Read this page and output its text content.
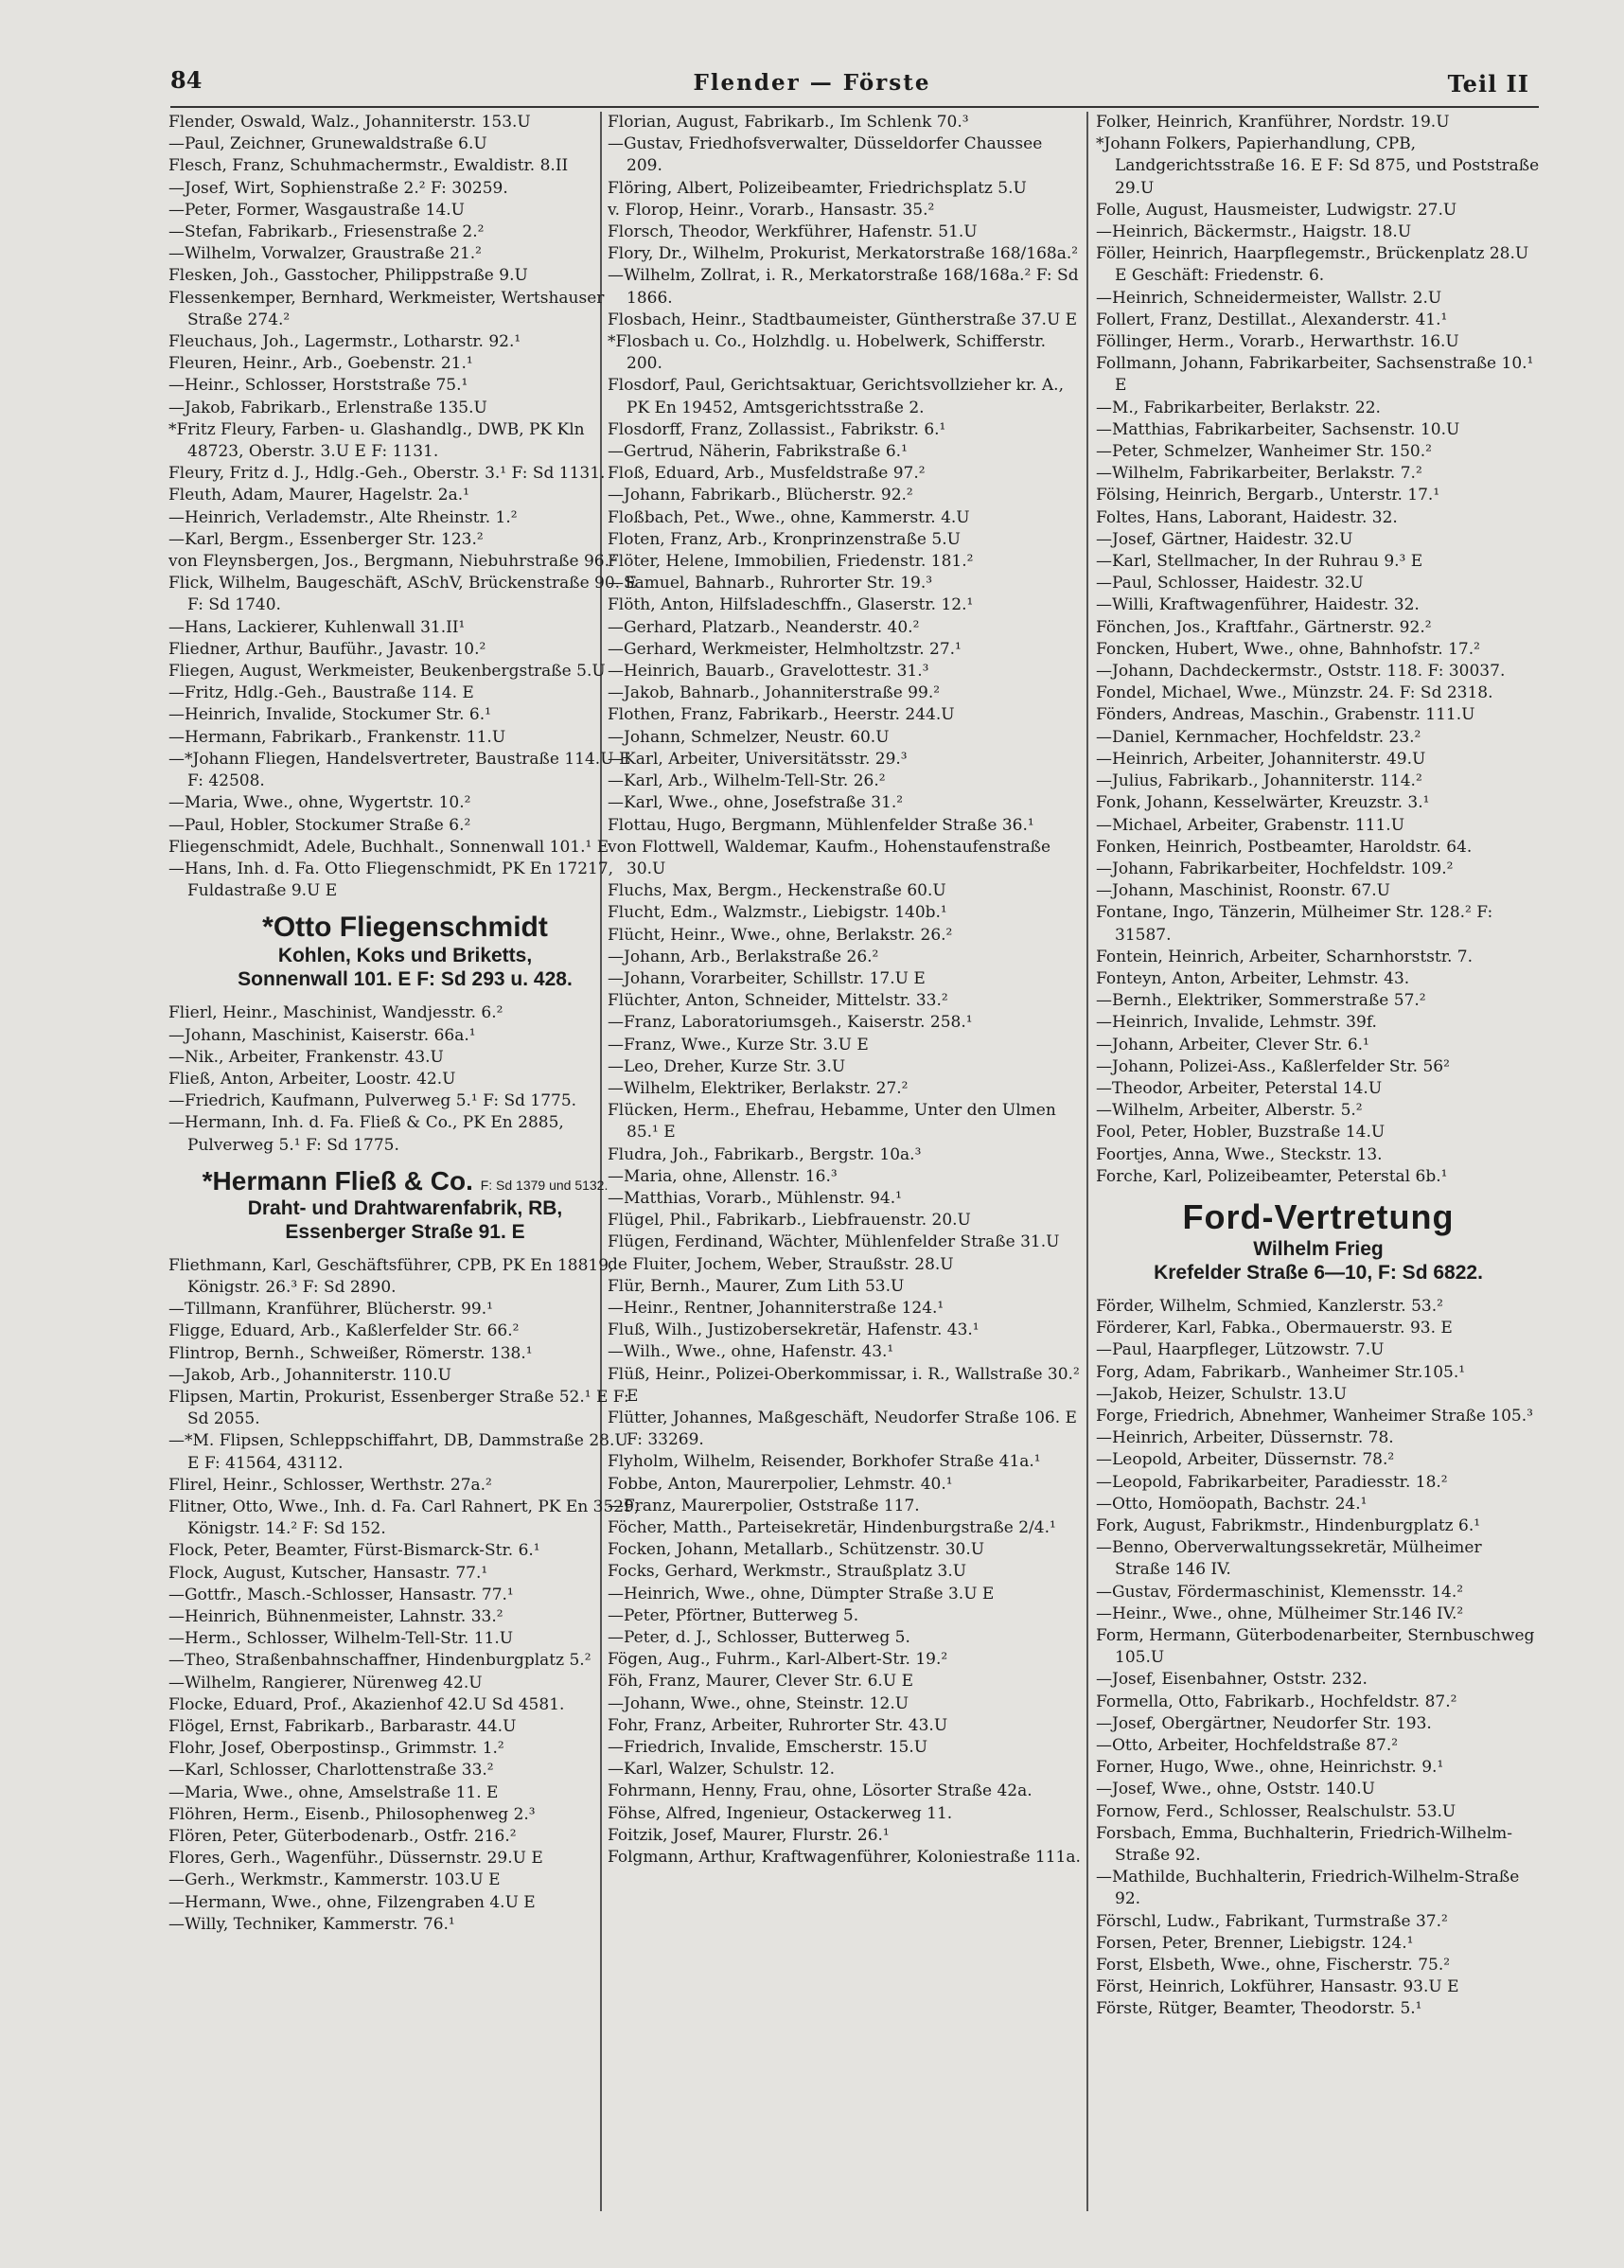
84	Flender — Förste	Teil II
Flender, Oswald, Walz., Johanniterstr. 153.U
—Paul, Zeichner, Grunewaldstraße 6.U
Flesch, Franz, Schuhmachermstr., Ewaldistr. 8.II
—Josef, Wirt, Sophienstraße 2.² F: 30259.
—Peter, Former, Wasgaustraße 14.U
—Stefan, Fabrikarb., Friesenstraße 2.²
—Wilhelm, Vorwalzer, Graustraße 21.²
Flesken, Joh., Gasstocher, Philippstraße 9.U
Flessenkemper, Bernhard, Werkmeister, Wertshauser Straße 274.²
Fleuchaus, Joh., Lagermstr., Lotharstr. 92.¹
Fleuren, Heinr., Arb., Goebenstr. 21.¹
—Heinr., Schlosser, Horststraße 75.¹
—Jakob, Fabrikarb., Erlenstraße 135.U
*Fritz Fleury, Farben- u. Glashandlg., DWB, PK Kln 48723, Oberstr. 3.U E F: 1131.
Fleury, Fritz d. J., Hdlg.-Geh., Oberstr. 3.¹ F: Sd 1131.
Fleuth, Adam, Maurer, Hagelstr. 2a.¹
—Heinrich, Verlademstr., Alte Rheinstr. 1.²
—Karl, Bergm., Essenberger Str. 123.²
von Fleynsbergen, Jos., Bergmann, Niebuhrstraße 96.²
Flick, Wilhelm, Baugeschäft, ASchV, Brückenstraße 90. E F: Sd 1740.
—Hans, Lackierer, Kuhlenwall 31.II¹
Fliedner, Arthur, Bauführ., Javastr. 10.²
Fliegen, August, Werkmeister, Beukenbergstraße 5.U
—Fritz, Hdlg.-Geh., Baustraße 114. E
—Heinrich, Invalide, Stockumer Str. 6.¹
—Hermann, Fabrikarb., Frankenstr. 11.U
—*Johann Fliegen, Handelsvertreter, Baustraße 114.U E F: 42508.
—Maria, Wwe., ohne, Wygertstr. 10.²
—Paul, Hobler, Stockumer Straße 6.²
Fliegenschmidt, Adele, Buchhalt., Sonnenwall 101.¹ E
—Hans, Inh. d. Fa. Otto Fliegenschmidt, PK En 17217, Fuldastraße 9.U E
*Otto Fliegenschmidt
Kohlen, Koks und Briketts,
Sonnenwall 101. E F: Sd 293 u. 428.
Flierl, Heinr., Maschinist, Wandjesstr. 6.²
—Johann, Maschinist, Kaiserstr. 66a.¹
—Nik., Arbeiter, Frankenstr. 43.U
Fließ, Anton, Arbeiter, Loostr. 42.U
—Friedrich, Kaufmann, Pulverweg 5.¹ F: Sd 1775.
—Hermann, Inh. d. Fa. Fließ & Co., PK En 2885, Pulverweg 5.¹ F: Sd 1775.
*Hermann Fließ & Co. F: Sd 1379 und 5132.
Draht- und Drahtwarenfabrik, RB,
Essenberger Straße 91. E
Fliethmann, Karl, Geschäftsführer, CPB, PK En 18819, Königstr. 26.³ F: Sd 2890.
—Tillmann, Kranführer, Blücherstr. 99.¹
Fligge, Eduard, Arb., Kaßlerfelder Str. 66.²
Flintrop, Bernh., Schweißer, Römerstr. 138.¹
—Jakob, Arb., Johanniterstr. 110.U
Flipsen, Martin, Prokurist, Essenberger Straße 52.¹ E F: Sd 2055.
—*M. Flipsen, Schleppschiffahrt, DB, Dammstraße 28.U E F: 41564, 43112.
Flirel, Heinr., Schlosser, Werthstr. 27a.²
Flitner, Otto, Wwe., Inh. d. Fa. Carl Rahnert, PK En 3529, Königstr. 14.² F: Sd 152.
Flock, Peter, Beamter, Fürst-Bismarck-Str. 6.¹
Flock, August, Kutscher, Hansastr. 77.¹
—Gottfr., Masch.-Schlosser, Hansastr. 77.¹
—Heinrich, Bühnenmeister, Lahnstr. 33.²
—Herm., Schlosser, Wilhelm-Tell-Str. 11.U
—Theo, Straßenbahnschaffner, Hindenburgplatz 5.²
—Wilhelm, Rangierer, Nürenweg 42.U
Flocke, Eduard, Prof., Akazienhof 42.U Sd 4581.
Flögel, Ernst, Fabrikarb., Barbarastr. 44.U
Flohr, Josef, Oberpostinsp., Grimmstr. 1.²
—Karl, Schlosser, Charlottenstraße 33.²
—Maria, Wwe., ohne, Amselstraße 11. E
Flöhren, Herm., Eisenb., Philosophenweg 2.³
Flören, Peter, Güterbodenarb., Ostfr. 216.²
Flores, Gerh., Wagenführ., Düssernstr. 29.U E
—Gerh., Werkmstr., Kammerstr. 103.U E
—Hermann, Wwe., ohne, Filzengraben 4.U E
—Willy, Techniker, Kammerstr. 76.¹
Florian, August, Fabrikarb., Im Schlenk 70.³
—Gustav, Friedhofsverwalter, Düsseldorfer Chaussee 209.
Flöring, Albert, Polizeibeamter, Friedrichsplatz 5.U
v. Florop, Heinr., Vorarb., Hansastr. 35.²
Florsch, Theodor, Werkführer, Hafenstr. 51.U
Flory, Dr., Wilhelm, Prokurist, Merkatorstraße 168/168a.²
—Wilhelm, Zollrat, i. R., Merkatorstraße 168/168a.² F: Sd 1866.
Flosbach, Heinr., Stadtbaumeister, Güntherstraße 37.U E
*Flosbach u. Co., Holzhdlg. u. Hobelwerk, Schifferstr. 200.
Flosdorf, Paul, Gerichtsaktuar, Gerichtsvollzieher kr. A., PK En 19452, Amtsgerichtsstraße 2.
Flosdorff, Franz, Zollassist., Fabrikstr. 6.¹
—Gertrud, Näherin, Fabrikstraße 6.¹
Floß, Eduard, Arb., Musfeldstraße 97.²
—Johann, Fabrikarb., Blücherstr. 92.²
Floßbach, Pet., Wwe., ohne, Kammerstr. 4.U
Floten, Franz, Arb., Kronprinzenstraße 5.U
Flöter, Helene, Immobilien, Friedenstr. 181.²
—Samuel, Bahnarb., Ruhrorter Str. 19.³
Flöth, Anton, Hilfsladeschffn., Glaserstr. 12.¹
—Gerhard, Platzarb., Neanderstr. 40.²
—Gerhard, Werkmeister, Helmholtzstr. 27.¹
—Heinrich, Bauarb., Gravelottestr. 31.³
—Jakob, Bahnarb., Johanniterstraße 99.²
Flothen, Franz, Fabrikarb., Heerstr. 244.U
—Johann, Schmelzer, Neustr. 60.U
—Karl, Arbeiter, Universitätsstr. 29.³
—Karl, Arb., Wilhelm-Tell-Str. 26.²
—Karl, Wwe., ohne, Josefstraße 31.²
Flottau, Hugo, Bergmann, Mühlenfelder Straße 36.¹
von Flottwell, Waldemar, Kaufm., Hohenstaufenstraße 30.U
Fluchs, Max, Bergm., Heckenstraße 60.U
Flucht, Edm., Walzmstr., Liebigstr. 140b.¹
Flücht, Heinr., Wwe., ohne, Berlakstr. 26.²
—Johann, Arb., Berlakstraße 26.²
—Johann, Vorarbeiter, Schillstr. 17.U E
Flüchter, Anton, Schneider, Mittelstr. 33.²
—Franz, Laboratoriumsgeh., Kaiserstr. 258.¹
—Franz, Wwe., Kurze Str. 3.U E
—Leo, Dreher, Kurze Str. 3.U
—Wilhelm, Elektriker, Berlakstr. 27.²
Flücken, Herm., Ehefrau, Hebamme, Unter den Ulmen 85.¹ E
Fludra, Joh., Fabrikarb., Bergstr. 10a.³
—Maria, ohne, Allenstr. 16.³
—Matthias, Vorarb., Mühlenstr. 94.¹
Flügel, Phil., Fabrikarb., Liebfrauenstr. 20.U
Flügen, Ferdinand, Wächter, Mühlenfelder Straße 31.U
de Fluiter, Jochem, Weber, Straußstr. 28.U
Flür, Bernh., Maurer, Zum Lith 53.U
—Heinr., Rentner, Johanniterstraße 124.¹
Fluß, Wilh., Justizobersekretär, Hafenstr. 43.¹
—Wilh., Wwe., ohne, Hafenstr. 43.¹
Flüß, Heinr., Polizei-Oberkommissar, i. R., Wallstraße 30.² E
Flütter, Johannes, Maßgeschäft, Neudorfer Straße 106. E F: 33269.
Flyholm, Wilhelm, Reisender, Borkhofer Straße 41a.¹
Fobbe, Anton, Maurerpolier, Lehmstr. 40.¹
—Franz, Maurerpolier, Oststraße 117.
Föcher, Matth., Parteisekretär, Hindenburgstraße 2/4.¹
Focken, Johann, Metallarb., Schützenstr. 30.U
Focks, Gerhard, Werkmstr., Straußplatz 3.U
—Heinrich, Wwe., ohne, Dümpter Straße 3.U E
—Peter, Pförtner, Butterweg 5.
—Peter, d. J., Schlosser, Butterweg 5.
Fögen, Aug., Fuhrm., Karl-Albert-Str. 19.²
Föh, Franz, Maurer, Clever Str. 6.U E
—Johann, Wwe., ohne, Steinstr. 12.U
Fohr, Franz, Arbeiter, Ruhrorter Str. 43.U
—Friedrich, Invalide, Emscherstr. 15.U
—Karl, Walzer, Schulstr. 12.
Fohrmann, Henny, Frau, ohne, Lösorter Straße 42a.
Föhse, Alfred, Ingenieur, Ostackerweg 11.
Foitzik, Josef, Maurer, Flurstr. 26.¹
Folgmann, Arthur, Kraftwagenführer, Koloniestraße 111a.
Folker, Heinrich, Kranführer, Nordstr. 19.U
*Johann Folkers, Papierhandlung, CPB, Landgerichtsstraße 16. E F: Sd 875, und Poststraße 29.U
Folle, August, Hausmeister, Ludwigstr. 27.U
—Heinrich, Bäckermstr., Haigstr. 18.U
Föller, Heinrich, Haarpflegemstr., Brückenplatz 28.U E Geschäft: Friedenstr. 6.
—Heinrich, Schneidermeister, Wallstr. 2.U
Follert, Franz, Destillat., Alexanderstr. 41.¹
Föllinger, Herm., Vorarb., Herwarthstr. 16.U
Follmann, Johann, Fabrikarbeiter, Sachsenstraße 10.¹ E
—M., Fabrikarbeiter, Berlakstr. 22.
—Matthias, Fabrikarbeiter, Sachsenstr. 10.U
—Peter, Schmelzer, Wanheimer Str. 150.²
—Wilhelm, Fabrikarbeiter, Berlakstr. 7.²
Fölsing, Heinrich, Bergarb., Unterstr. 17.¹
Foltes, Hans, Laborant, Haidestr. 32.
—Josef, Gärtner, Haidestr. 32.U
—Karl, Stellmacher, In der Ruhrau 9.³ E
—Paul, Schlosser, Haidestr. 32.U
—Willi, Kraftwagenführer, Haidestr. 32.
Fönchen, Jos., Kraftfahr., Gärtnerstr. 92.²
Foncken, Hubert, Wwe., ohne, Bahnhofstr. 17.²
—Johann, Dachdeckermstr., Oststr. 118. F: 30037.
Fondel, Michael, Wwe., Münzstr. 24. F: Sd 2318.
Fönders, Andreas, Maschin., Grabenstr. 111.U
—Daniel, Kernmacher, Hochfeldstr. 23.²
—Heinrich, Arbeiter, Johanniterstr. 49.U
—Julius, Fabrikarb., Johanniterstr. 114.²
Fonk, Johann, Kesselwärter, Kreuzstr. 3.¹
—Michael, Arbeiter, Grabenstr. 111.U
Fonken, Heinrich, Postbeamter, Haroldstr. 64.
—Johann, Fabrikarbeiter, Hochfeldstr. 109.²
—Johann, Maschinist, Roonstr. 67.U
Fontane, Ingo, Tänzerin, Mülheimer Str. 128.² F: 31587.
Fontein, Heinrich, Arbeiter, Scharnhorststr. 7.
Fonteyn, Anton, Arbeiter, Lehmstr. 43.
—Bernh., Elektriker, Sommerstraße 57.²
—Heinrich, Invalide, Lehmstr. 39f.
—Johann, Arbeiter, Clever Str. 6.¹
—Johann, Polizei-Ass., Kaßlerfelder Str. 56²
—Theodor, Arbeiter, Peterstal 14.U
—Wilhelm, Arbeiter, Alberstr. 5.²
Fool, Peter, Hobler, Buzstraße 14.U
Foortjes, Anna, Wwe., Steckstr. 13.
Forche, Karl, Polizeibeamter, Peterstal 6b.¹
Ford-Vertretung
Wilhelm Frieg
Krefelder Straße 6—10, F: Sd 6822.
Förder, Wilhelm, Schmied, Kanzlerstr. 53.²
Förderer, Karl, Fabka., Obermauerstr. 93. E
—Paul, Haarpfleger, Lützowstr. 7.U
Forg, Adam, Fabrikarb., Wanheimer Str.105.¹
—Jakob, Heizer, Schulstr. 13.U
Forge, Friedrich, Abnehmer, Wanheimer Straße 105.³
—Heinrich, Arbeiter, Düssernstr. 78.
—Leopold, Arbeiter, Düssernstr. 78.²
—Leopold, Fabrikarbeiter, Paradiesstr. 18.²
—Otto, Homöopath, Bachstr. 24.¹
Fork, August, Fabrikmstr., Hindenburgplatz 6.¹
—Benno, Oberverwaltungssekretär, Mülheimer Straße 146 IV.
—Gustav, Fördermaschinist, Klemensstr. 14.²
—Heinr., Wwe., ohne, Mülheimer Str.146 IV.²
Form, Hermann, Güterbodenarbeiter, Sternbuschweg 105.U
—Josef, Eisenbahner, Oststr. 232.
Formella, Otto, Fabrikarb., Hochfeldstr. 87.²
—Josef, Obergärtner, Neudorfer Str. 193.
—Otto, Arbeiter, Hochfeldstraße 87.²
Forner, Hugo, Wwe., ohne, Heinrichstr. 9.¹
—Josef, Wwe., ohne, Oststr. 140.U
Fornow, Ferd., Schlosser, Realschulstr. 53.U
Forsbach, Emma, Buchhalterin, Friedrich-Wilhelm-Straße 92.
—Mathilde, Buchhalterin, Friedrich-Wilhelm-Straße 92.
Förschl, Ludw., Fabrikant, Turmstraße 37.²
Forsen, Peter, Brenner, Liebigstr. 124.¹
Forst, Elsbeth, Wwe., ohne, Fischerstr. 75.²
Först, Heinrich, Lokführer, Hansastr. 93.U E
Förste, Rütger, Beamter, Theodorstr. 5.¹
